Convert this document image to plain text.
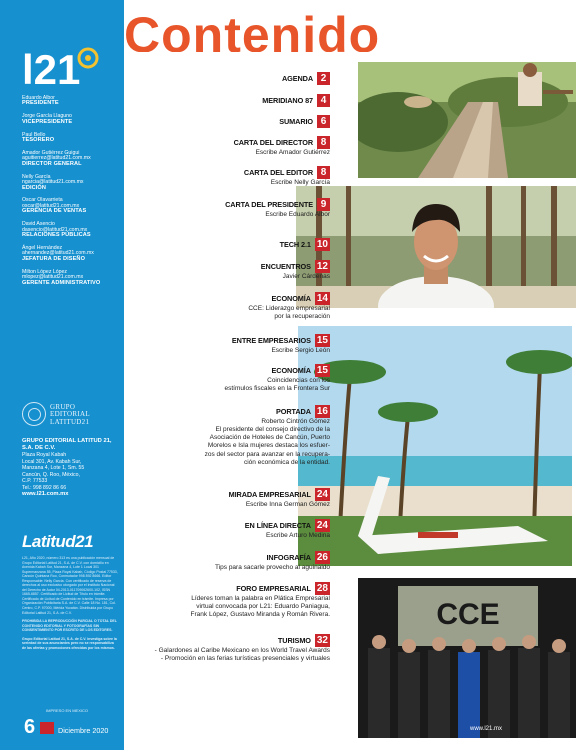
l21
Eduardo Albor
PRESIDENTE
Jorge García Llaguno
VICEPRESIDENTE
Paul Bello
TESORERO
Amador Gutiérrez Guigui
aguitierrez@latitud21.com.mx
DIRECTOR GENERAL
Nelly García
ngarcia@latitud21.com.mx
EDICIÓN
Oscar Olavarrieta
oscar@latitud21.com.mx
GERENCIA DE VENTAS
David Asencio
dasencio@latitud21.com.mx
RELACIONES PÚBLICAS
Ángel Hernández
ahernandez@latitud21.com.mx
JEFATURA DE DISEÑO
Milton López López
mlopez@latitud21.com.mx
GERENTE ADMINISTRATIVO
GRUPO
EDITORIAL
LATITUD21
GRUPO EDITORIAL LATITUD 21, S.A. DE C.V.
Plaza Royal Kabah
Local 301, Av. Kabah Sur,
Manzana 4, Lote 1, Sm. 55
Cancún, Q. Roo, México,
C.P. 77533
Tel.: 998 892 86 66
www.l21.com.mx
Latitud21

L21, Año 2020, número 313 es una publicación mensual de Grupo Editorial Latitud 21, S.A. de C.V. con domicilio en Avenida Kabah Sur, Manzana 4, Lote 1 Local 301 Supermanzana 55, Plaza Royal Kabah, Código Postal 77533, Cancún Quintana Roo, Conmutador 998 892 8666. Editor Responsable: Nelly García. Con certificado de reserva de derechos al uso exclusivo otorgado por el Instituto Nacional del Derecho de Autor 04-2013-011709062600-102, ISSN 1665-6857. Certificado de Licitud de Título en trámite. Certificado de Licitud de Contenido en trámite. Impresa por Organización Publicitaria S.A. de C.V. Calle 18 No. 181, Col. Centro, C.P. 97000, Mérida Yucatán. Distribuida por Grupo Editorial Latitud 21, S.A. de C.V.

PROHIBIDA LA REPRODUCCIÓN PARCIAL O TOTAL DEL CONTENIDO EDITORIAL Y FOTOGRAFÍAS SIN CONSENTIMIENTO POR ESCRITO DE LOS EDITORES.

Grupo Editorial Latitud 21, S.A. de C.V. investiga sobre la seriedad de sus anunciantes pero no se responsabiliza de las ofertas y promociones ofrecidas por los mismos.

IMPRESO EN MEXICO
6	Diciembre 2020
Contenido
CCE
www.l21.mx
AGENDA 2
MERIDIANO 87 4
SUMARIO 6
CARTA DEL DIRECTOR 8
Escribe Amador Gutiérrez
CARTA DEL EDITOR 8
Escribe Nelly García
CARTA DEL PRESIDENTE 9
Escribe Eduardo Albor
TECH 2.1 10
ENCUENTROS 12
Javier Cárdenas
ECONOMÍA 14
CCE: Liderazgo empresarial
por la recuperación
ENTRE EMPRESARIOS 15
Escribe Sergio León
ECONOMÍA 15
Coincidencias con los
estímulos fiscales en la Frontera Sur
PORTADA 16
Roberto Cintrón Gómez
El presidente del consejo directivo de la
Asociación de Hoteles de Cancún, Puerto
Morelos e Isla mujeres destaca los esfuer-
zos del sector para avanzar en la recupera-
ción económica de la entidad.
MIRADA EMPRESARIAL 24
Escribe Inna German Gómez
EN LÍNEA DIRECTA 24
Escribe Arturo Medina
INFOGRAFÍA 26
Tips para sacarle provecho al aguinaldo
FORO EMPRESARIAL 28
Líderes toman la palabra en Plática Empresarial
virtual convocada por L21: Eduardo Paniagua,
Frank López, Gustavo Miranda y Román Rivera.
TURISMO 32
- Galardones al Caribe Mexicano en los World Travel Awards
- Promoción en las ferias turísticas presenciales y virtuales
